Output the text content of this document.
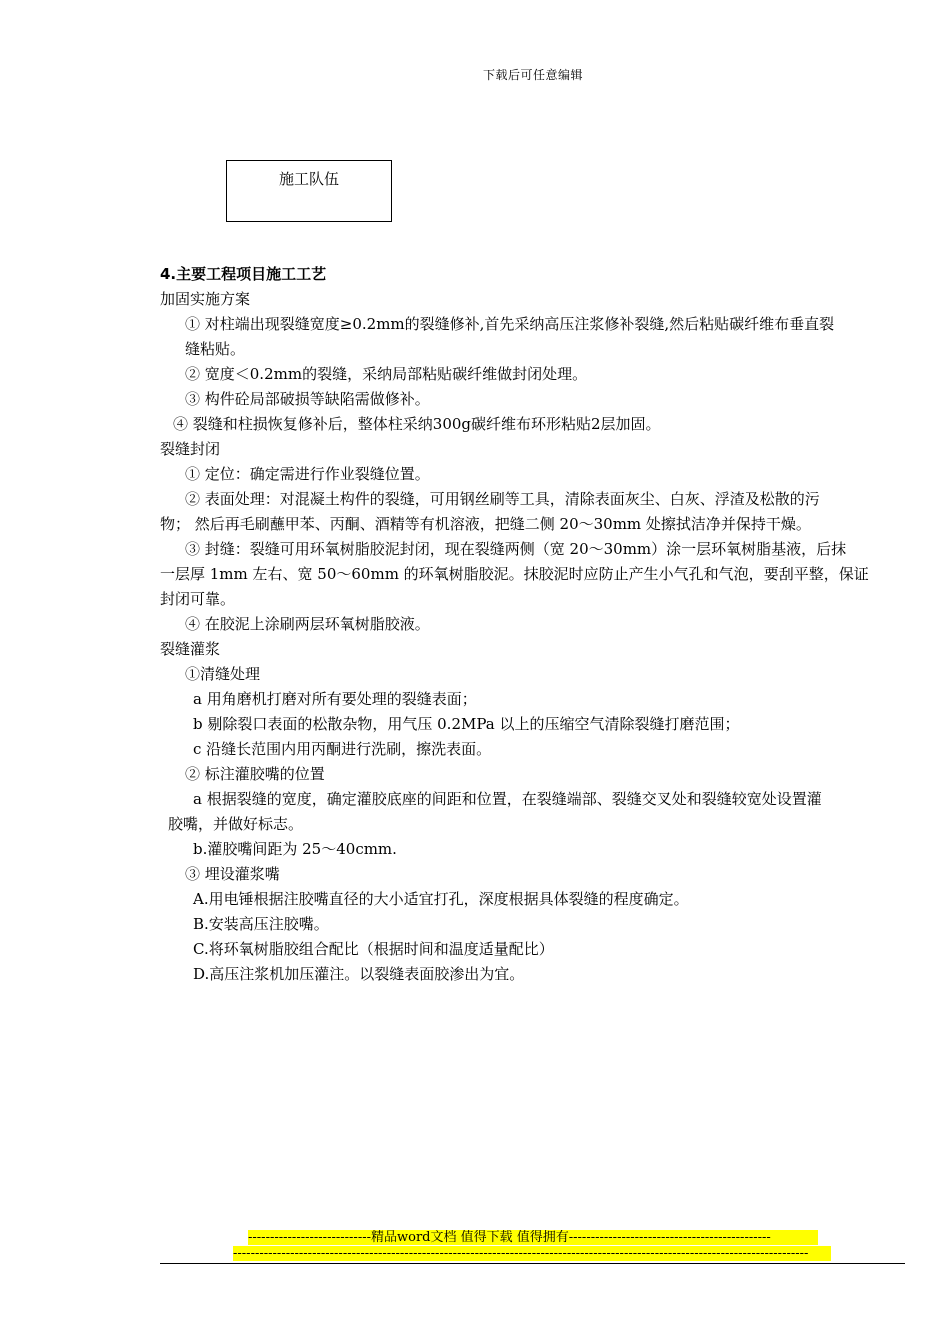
下载后可任意编辑
施工队伍
4.主要工程项目施工工艺
加固实施方案
① 对柱端出现裂缝宽度≥0.2mm的裂缝修补,首先采纳高压注浆修补裂缝,然后粘贴碳纤维布垂直裂
缝粘贴。
② 宽度＜0.2mm的裂缝，采纳局部粘贴碳纤维做封闭处理。
③ 构件砼局部破损等缺陷需做修补。
④ 裂缝和柱损恢复修补后，整体柱采纳300g碳纤维布环形粘贴2层加固。
裂缝封闭
① 定位：确定需进行作业裂缝位置。
② 表面处理：对混凝土构件的裂缝，可用钢丝刷等工具，清除表面灰尘、白灰、浮渣及松散的污
物； 然后再毛刷蘸甲苯、丙酮、酒精等有机溶液，把缝二侧 20～30mm 处擦拭洁净并保持干燥。
③ 封缝：裂缝可用环氧树脂胶泥封闭，现在裂缝两侧（宽 20～30mm）涂一层环氧树脂基液，后抹
一层厚 1mm 左右、宽 50～60mm 的环氧树脂胶泥。抹胶泥时应防止产生小气孔和气泡，要刮平整，保证
封闭可靠。
④ 在胶泥上涂刷两层环氧树脂胶液。
裂缝灌浆
①清缝处理
a 用角磨机打磨对所有要处理的裂缝表面；
b 剔除裂口表面的松散杂物，用气压 0.2MPa 以上的压缩空气清除裂缝打磨范围；
c 沿缝长范围内用丙酮进行洗刷，擦洗表面。
② 标注灌胶嘴的位置
a 根据裂缝的宽度，确定灌胶底座的间距和位置，在裂缝端部、裂缝交叉处和裂缝较宽处设置灌
胶嘴，并做好标志。
b.灌胶嘴间距为 25～40cmm.
③ 埋设灌浆嘴
A.用电锤根据注胶嘴直径的大小适宜打孔，深度根据具体裂缝的程度确定。
B.安装高压注胶嘴。
C.将环氧树脂胶组合配比（根据时间和温度适量配比）
D.高压注浆机加压灌注。以裂缝表面胶渗出为宜。
----------------------------精品word文档 值得下载 值得拥有----------------------------------------------
-----------------------------------------------------------------------------------------------------------------------------------
